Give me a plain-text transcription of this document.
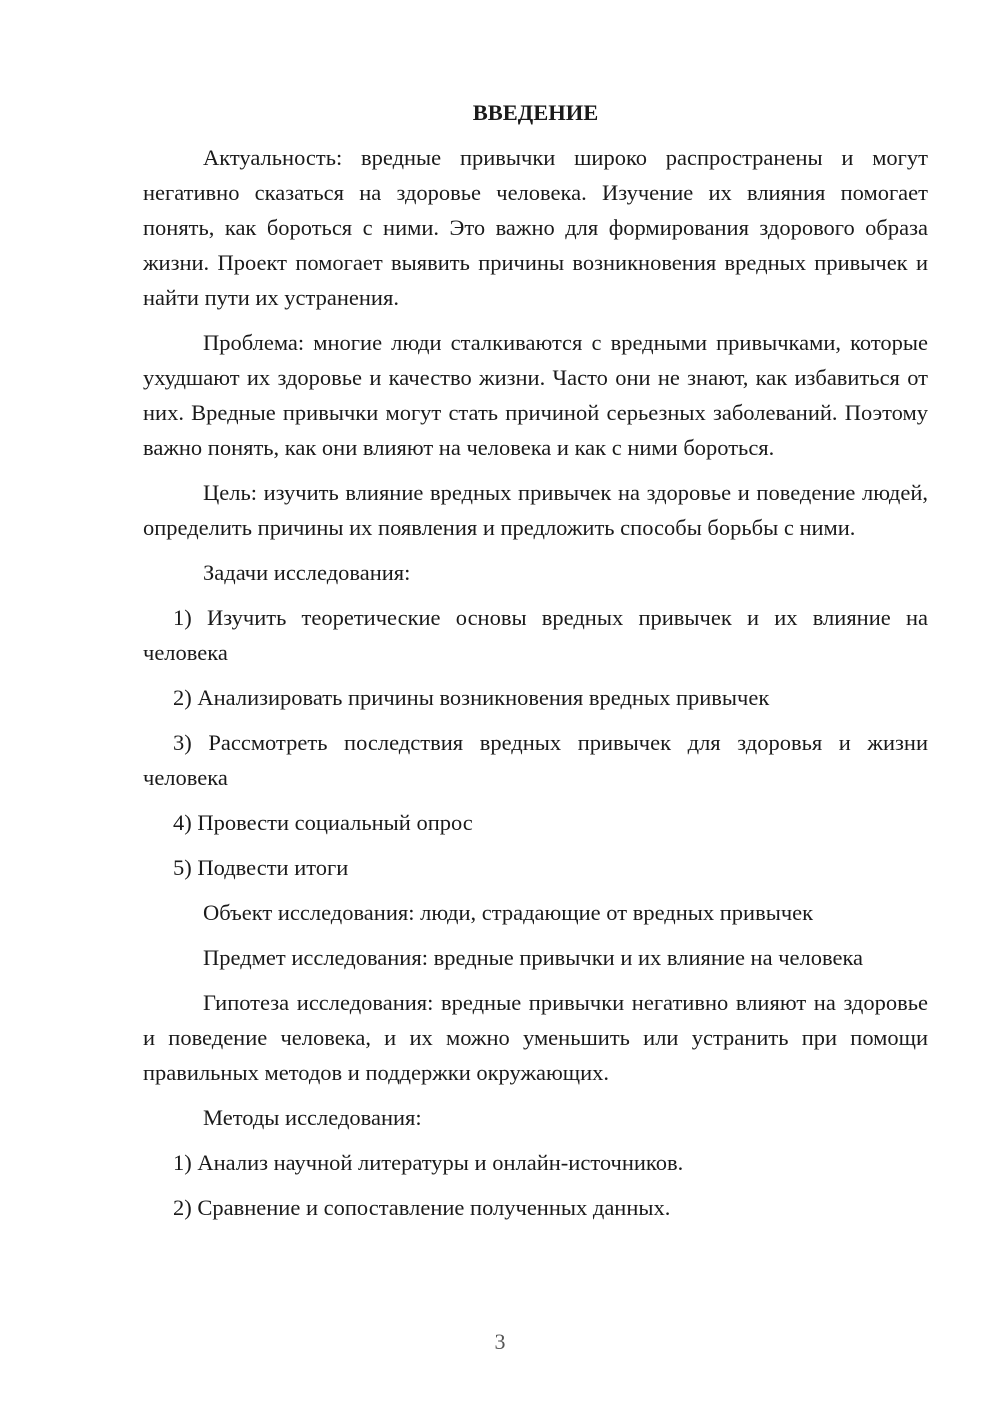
ВВЕДЕНИЕ

Актуальность: вредные привычки широко распространены и могут негативно сказаться на здоровье человека. Изучение их влияния помогает понять, как бороться с ними. Это важно для формирования здорового образа жизни. Проект помогает выявить причины возникновения вредных привычек и найти пути их устранения.

Проблема: многие люди сталкиваются с вредными привычками, которые ухудшают их здоровье и качество жизни. Часто они не знают, как избавиться от них. Вредные привычки могут стать причиной серьезных заболеваний. Поэтому важно понять, как они влияют на человека и как с ними бороться.

Цель: изучить влияние вредных привычек на здоровье и поведение людей, определить причины их появления и предложить способы борьбы с ними.

Задачи исследования:

1) Изучить теоретические основы вредных привычек и их влияние на человека

2) Анализировать причины возникновения вредных привычек

3) Рассмотреть последствия вредных привычек для здоровья и жизни человека

4) Провести социальный опрос

5) Подвести итоги

Объект исследования: люди, страдающие от вредных привычек

Предмет исследования: вредные привычки и их влияние на человека

Гипотеза исследования: вредные привычки негативно влияют на здоровье и поведение человека, и их можно уменьшить или устранить при помощи правильных методов и поддержки окружающих.

Методы исследования:

1) Анализ научной литературы и онлайн-источников.

2) Сравнение и сопоставление полученных данных.

3
